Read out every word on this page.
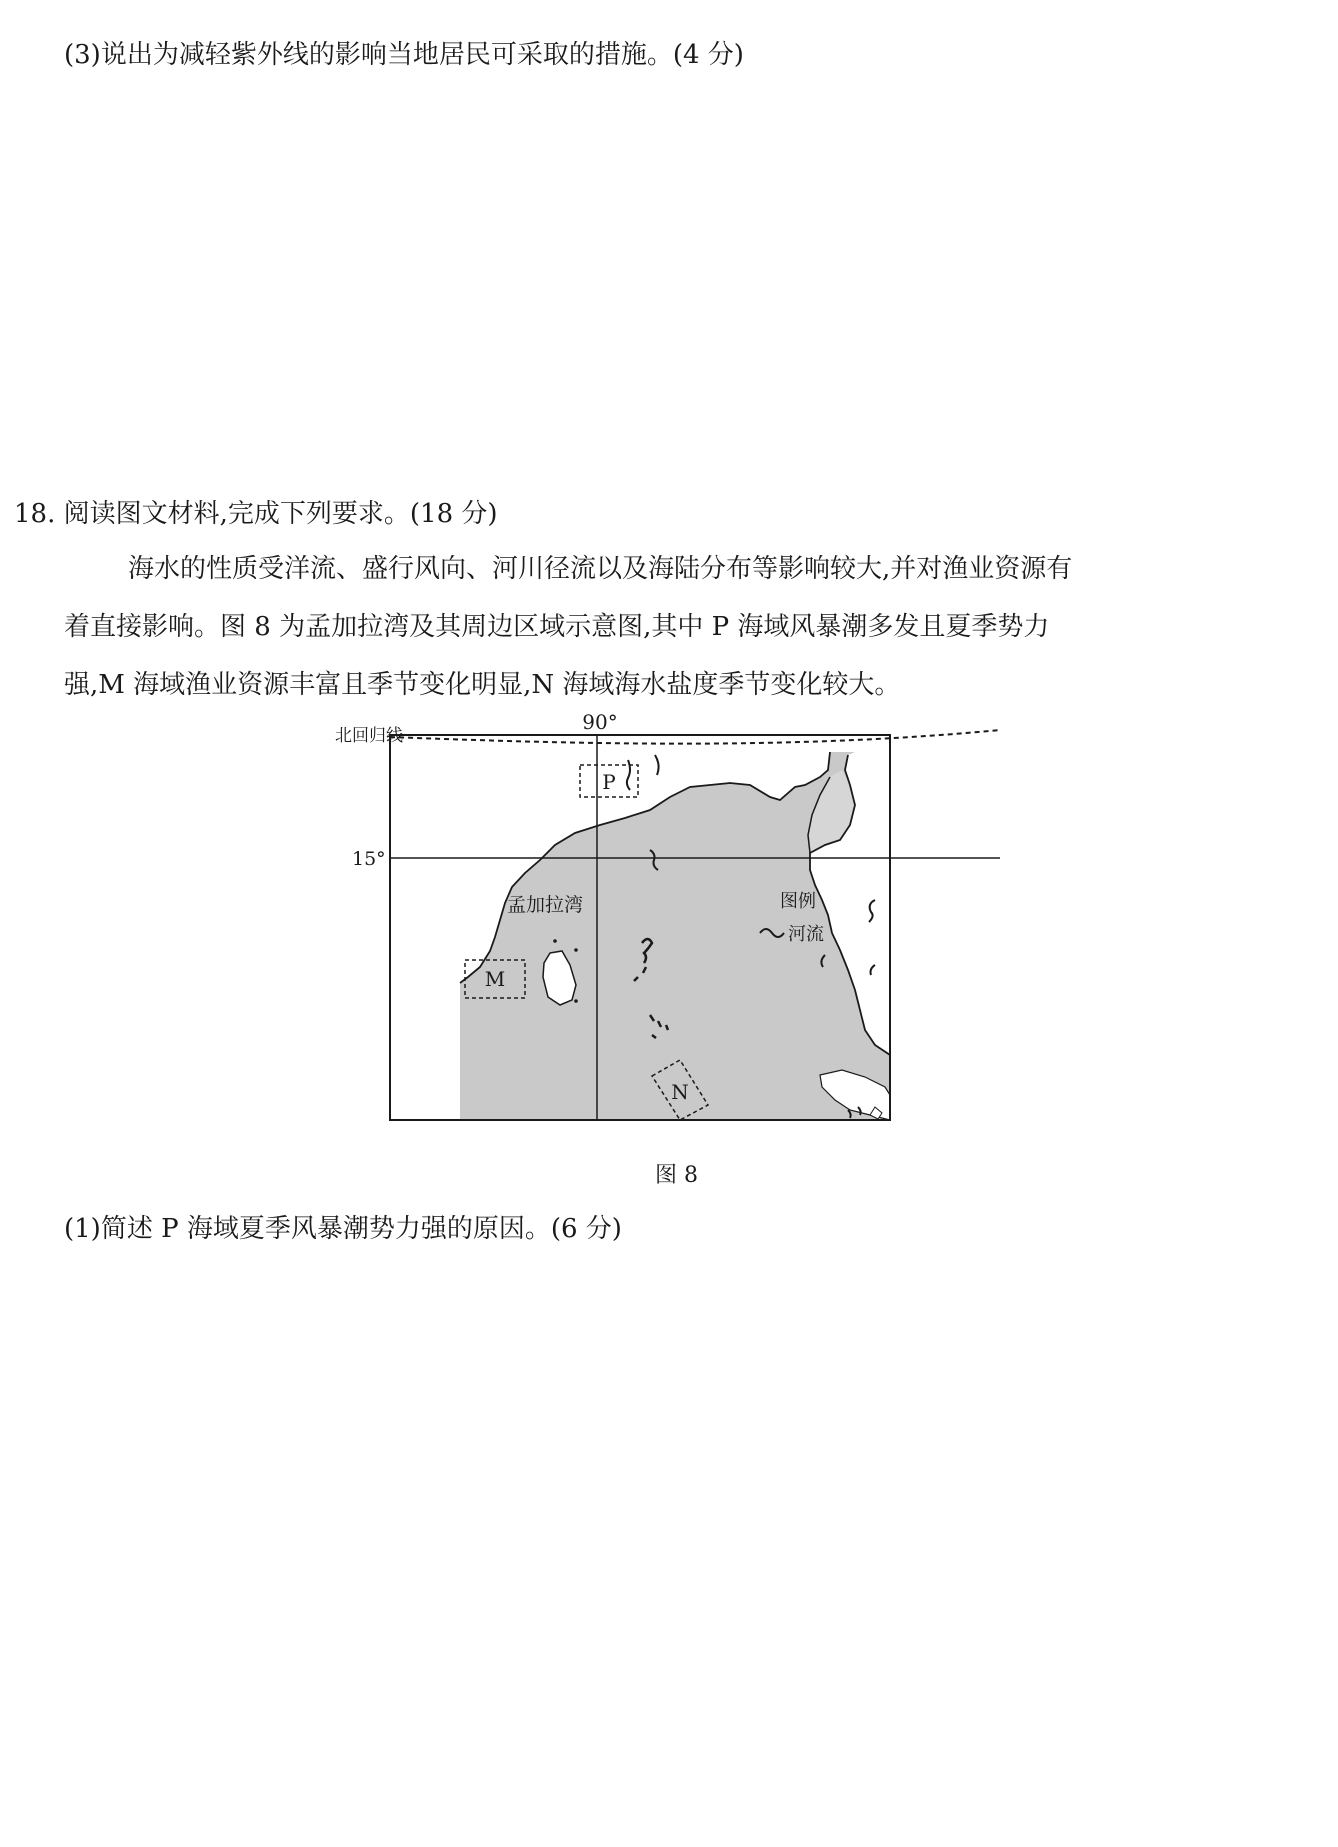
(3)说出为减轻紫外线的影响当地居民可采取的措施。(4 分)
18. 阅读图文材料,完成下列要求。(18 分)
海水的性质受洋流、盛行风向、河川径流以及海陆分布等影响较大,并对渔业资源有
着直接影响。图 8 为孟加拉湾及其周边区域示意图,其中 P 海域风暴潮多发且夏季势力
强,M 海域渔业资源丰富且季节变化明显,N 海域海水盐度季节变化较大。
P
M
N
孟加拉湾
90°
北回归线
15°
图例
河流
图 8
(1)简述 P 海域夏季风暴潮势力强的原因。(6 分)
